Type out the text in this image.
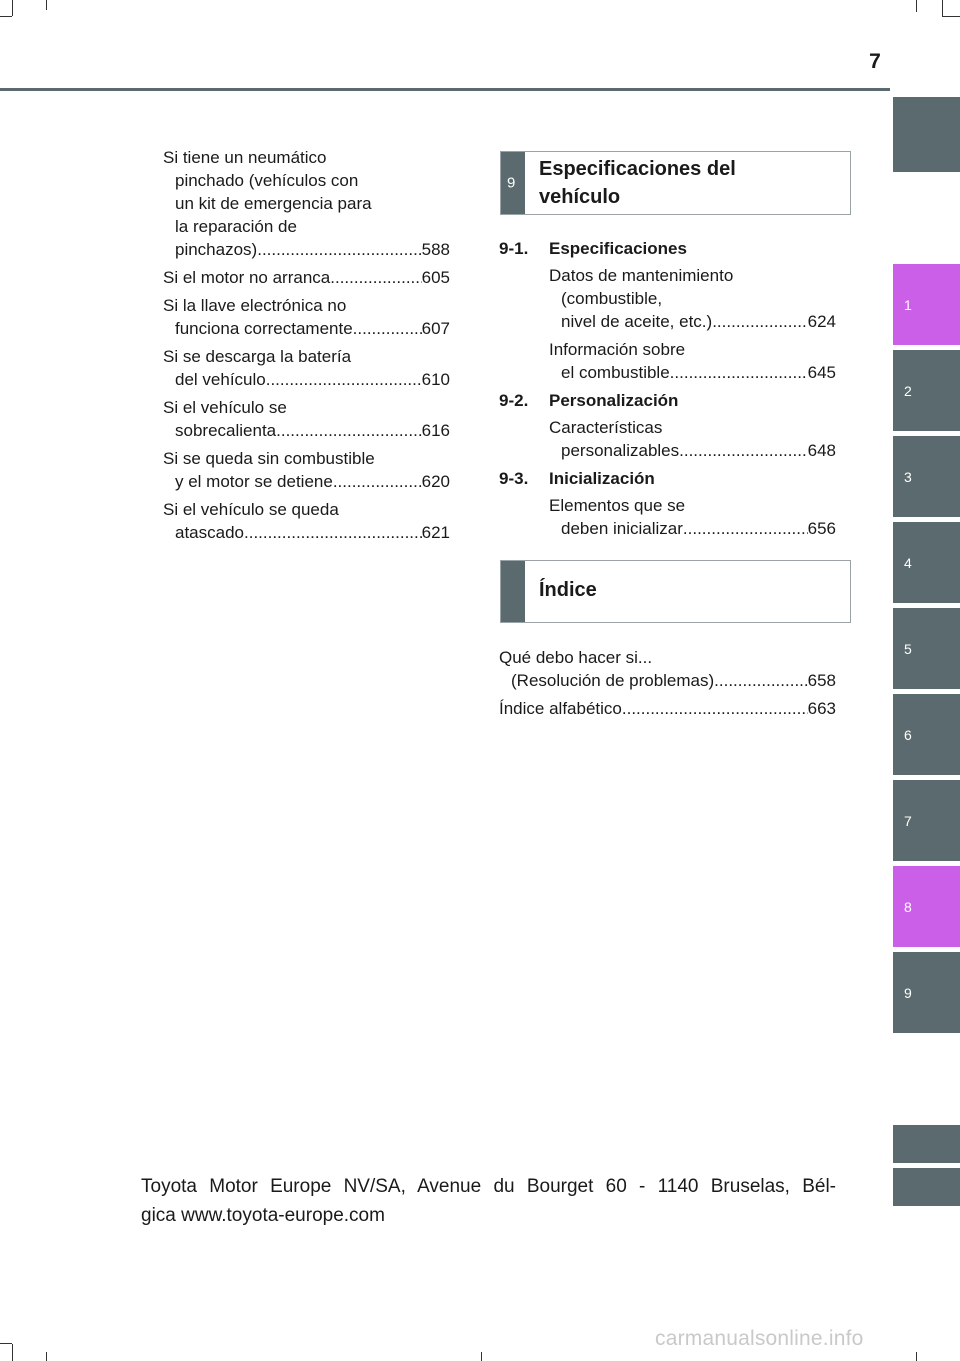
7
1
2
3
4
5
6
7
8
9
Si tiene un neumático
pinchado (vehículos con
un kit de emergencia para
la reparación de
pinchazos) .....	588
Si el motor no arranca .....	605
Si la llave electrónica no
funciona correctamente .....	607
Si se descarga la batería
del vehículo .....	610
Si el vehículo se
sobrecalienta .....	616
Si se queda sin combustible
y el motor se detiene .....	620
Si el vehículo se queda
atascado .....	621
9
Especificaciones del
vehículo
9-1.	Especificaciones
Datos de mantenimiento
(combustible,
nivel de aceite, etc.) .....	624
Información sobre
el combustible .....	645
9-2.	Personalización
Características
personalizables .....	648
9-3.	Inicialización
Elementos que se
deben inicializar .....	656
Índice
Qué debo hacer si...
(Resolución de problemas) .....	658
Índice alfabético .....	663
Toyota Motor Europe NV/SA, Avenue du Bourget 60 - 1140 Bruselas, Bél-
gica www.toyota-europe.com
carmanualsonline.info
